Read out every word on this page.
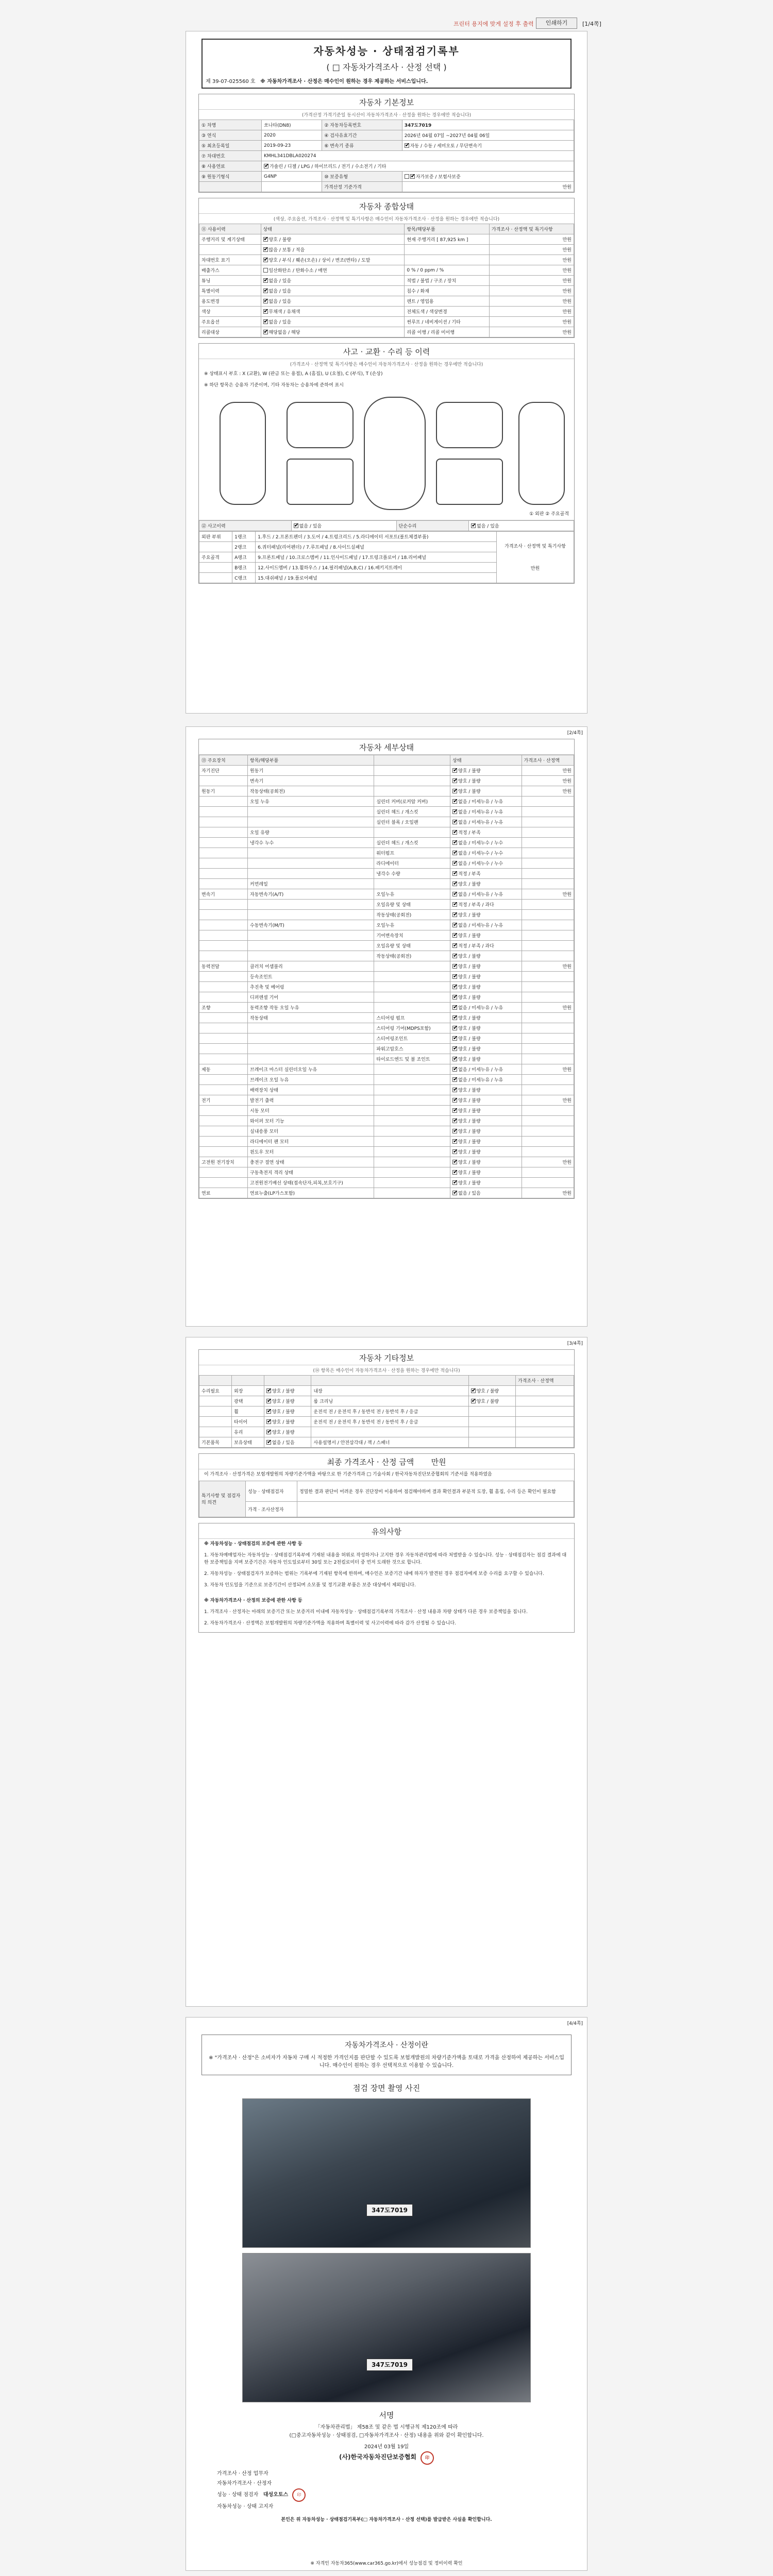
프린터 용지에 맞게 설정 후 출력	인쇄하기	[1/4쪽]
자동차성능 · 상태점검기록부
( □ 자동차가격조사 · 산정 선택 )
제 39-07-025560 호 ※ 자동차가격조사 · 산정은 매수인이 원하는 경우 제공하는 서비스입니다.
자동차 기본정보
(가격산정 가격기준일 동시산이 자동차가격조사 · 산정을 원하는 경우에만 적습니다)
① 차명	쏘나타(DN8)	② 자동차등록번호	347도7019
③ 연식	2020	④ 검사유효기간	2026년 04월 07일 ~2027년 04월 06일
⑤ 최초등록일	2019-09-23	⑥ 변속기 종류	✔자동 / 수동 / 세미오토 / 무단변속기
⑦ 차대번호	KMHL341DBLA020274		
⑧ 사용연료	✔가솔린 / 디젤 / LPG / 하이브리드 / 전기 / 수소전기 / 기타
⑨ 원동기형식	G4NP	⑩ 보증유형	✔자가보증 / 보험사보증
		가격산정 기준가격	만원
자동차 종합상태
(색상, 주요옵션, 가격조사 · 산정액 및 특기사항은 매수인이 자동차가격조사 · 산정을 원하는 경우에만 적습니다)
⑪ 사용이력	상태	항목/해당부품	가격조사 · 산정액 및 특기사항
주행거리 및 계기상태	✔양호 / 불량	현재 주행거리 [ 87,925 km ]	만원
	✔많음 / 보통 / 적음		만원
차대번호 표기	✔양호 / 부식 / 훼손(오손) / 상이 / 변조(변타) / 도말		만원
배출가스	일산화탄소 / 탄화수소 / 매연	0 % / 0 ppm / %	만원
튜닝	✔없음 / 있음	적법 / 불법 / 구조 / 장치	만원
특별이력	✔없음 / 있음	침수 / 화재	만원
용도변경	✔없음 / 있음	렌트 / 영업용	만원
색상	✔무채색 / 유채색	전체도색 / 색상변경	만원
주요옵션	✔없음 / 있음	썬루프 / 네비게이션 / 기타	만원
리콜대상	✔해당없음 / 해당	리콜 이행 / 리콜 미이행	만원
사고 · 교환 · 수리 등 이력
(가격조사 · 산정액 및 특기사항은 매수인이 자동차가격조사 · 산정을 원하는 경우에만 적습니다)
※ 상태표시 부호 : X (교환), W (판금 또는 용접), A (흠집), U (요철), C (부식), T (손상)
※ 하단 항목은 승용차 기준이며, 기타 자동차는 승용차에 준하여 표시
① 외판 ② 주요골격
⑫ 사고이력	✔없음 / 있음	단순수리	✔없음 / 있음
외판 부위	1랭크	1.후드 / 2.프론트펜더 / 3.도어 / 4.트렁크리드 / 5.라디에이터 서포트(볼트체결부품)	가격조사 · 산정액 및 특기사항
만원

	2랭크	6.쿼터패널(리어펜더) / 7.루프패널 / 8.사이드실패널	
주요골격	A랭크	9.프론트패널 / 10.크로스멤버 / 11.인사이드패널 / 17.트렁크플로어 / 18.리어패널	
	B랭크	12.사이드멤버 / 13.휠하우스 / 14.필러패널(A,B,C) / 16.패키지트레이	
	C랭크	15.대쉬패널 / 19.플로어패널	
[2/4쪽]
자동차 세부상태
⑬ 주요장치	항목/해당부품		상태	가격조사 · 산정액
자기진단	원동기		✔양호 / 불량	만원
	변속기		✔양호 / 불량	만원
원동기	작동상태(공회전)		✔양호 / 불량	만원
	오일 누유	실린더 커버(로커암 커버)	✔없음 / 미세누유 / 누유	
		실린더 헤드 / 개스킷	✔없음 / 미세누유 / 누유	
		실린더 블록 / 오일팬	✔없음 / 미세누유 / 누유	
	오일 유량		✔적정 / 부족	
	냉각수 누수	실린더 헤드 / 개스킷	✔없음 / 미세누수 / 누수	
		워터펌프	✔없음 / 미세누수 / 누수	
		라디에이터	✔없음 / 미세누수 / 누수	
		냉각수 수량	✔적정 / 부족	
	커먼레일		✔양호 / 불량	
변속기	자동변속기(A/T)	오일누유	✔없음 / 미세누유 / 누유	만원
		오일유량 및 상태	✔적정 / 부족 / 과다	
		작동상태(공회전)	✔양호 / 불량	
	수동변속기(M/T)	오일누유	✔없음 / 미세누유 / 누유	
		기어변속장치	✔양호 / 불량	
		오일유량 및 상태	✔적정 / 부족 / 과다	
		작동상태(공회전)	✔양호 / 불량	
동력전달	클러치 어셈블리		✔양호 / 불량	만원
	등속조인트		✔양호 / 불량	
	추진축 및 베어링		✔양호 / 불량	
	디퍼렌셜 기어		✔양호 / 불량	
조향	동력조향 작동 오일 누유		✔없음 / 미세누유 / 누유	만원
	작동상태	스티어링 펌프	✔양호 / 불량	
		스티어링 기어(MDPS포함)	✔양호 / 불량	
		스티어링조인트	✔양호 / 불량	
		파워고압호스	✔양호 / 불량	
		타이로드엔드 및 볼 조인트	✔양호 / 불량	
제동	브레이크 마스터 실린더오일 누유		✔없음 / 미세누유 / 누유	만원
	브레이크 오일 누유		✔없음 / 미세누유 / 누유	
	배력장치 상태		✔양호 / 불량	
전기	발전기 출력		✔양호 / 불량	만원
	시동 모터		✔양호 / 불량	
	와이퍼 모터 기능		✔양호 / 불량	
	실내송풍 모터		✔양호 / 불량	
	라디에이터 팬 모터		✔양호 / 불량	
	윈도우 모터		✔양호 / 불량	
고전원 전기장치	충전구 절연 상태		✔양호 / 불량	만원
	구동축전지 격리 상태		✔양호 / 불량	
	고전원전기배선 상태(접속단자,피복,보호기구)		✔양호 / 불량	
연료	연료누출(LP가스포함)		✔없음 / 있음	만원
[3/4쪽]
자동차 기타정보
(⑭ 항목은 매수인이 자동차가격조사 · 산정을 원하는 경우에만 적습니다)
					가격조사 · 산정액
수리필요	외장	✔양호 / 불량	내장	✔양호 / 불량	
	광택	✔양호 / 불량	룸 크리닝	✔양호 / 불량	
	휠	✔양호 / 불량	운전석 전 / 운전석 후 / 동반석 전 / 동반석 후 / 응급		
	타이어	✔양호 / 불량	운전석 전 / 운전석 후 / 동반석 전 / 동반석 후 / 응급		
	유리	✔양호 / 불량			
기본품목	보유상태	✔없음 / 있음	사용설명서 / 안전삼각대 / 잭 / 스패너		
최종 가격조사 · 산정 금액 만원
이 가격조사 · 산정가격은 보험개발원의 차량기준가액을 바탕으로 한 기준가격과 □ 기술사회 / 한국자동차진단보증협회의 기준서를 적용하였음
특기사항 및 점검자의 의견	성능 · 상태점검자	정밀한 결과 판단이 어려운 경우 진단장비 이용하여 점검해야하며 결과 확인결과 부분적 도장, 휠 흠집, 수리 등은 확인이 필요함
	가격 · 조사산정자	
유의사항
※ 자동차성능 · 상태점검의 보증에 관한 사항 등
1. 자동차매매업자는 자동차성능 · 상태점검기록부에 기재된 내용을 허위로 작성하거나 고지한 경우 자동차관리법에 따라 처벌받을 수 있습니다. 성능 · 상태점검자는 점검 결과에 대한 보증책임을 지며 보증기간은 자동차 인도일로부터 30일 또는 2천킬로미터 중 먼저 도래한 것으로 합니다.
2. 자동차성능 · 상태점검자가 보증하는 범위는 기록부에 기재된 항목에 한하며, 매수인은 보증기간 내에 하자가 발견된 경우 점검자에게 보증 수리를 요구할 수 있습니다.
3. 자동차 인도일을 기준으로 보증기간이 산정되며 소모품 및 정기교환 부품은 보증 대상에서 제외됩니다.
※ 자동차가격조사 · 산정의 보증에 관한 사항 등
1. 가격조사 · 산정자는 아래의 보증기간 또는 보증거리 이내에 자동차성능 · 상태점검기록부의 가격조사 · 산정 내용과 차량 상태가 다른 경우 보증책임을 집니다.
2. 자동차가격조사 · 산정액은 보험개발원의 차량기준가액을 적용하며 특별이력 및 사고이력에 따라 감가 산정될 수 있습니다.
[4/4쪽]
자동차가격조사 · 산정이란
※ "가격조사 · 산정"은 소비자가 자동차 구매 시 적정한 가격인지를 판단할 수 있도록 보험개발원의 차량기준가액을 토대로 가격을 산정하여 제공하는 서비스입니다. 매수인이 원하는 경우 선택적으로 이용할 수 있습니다.
점검 장면 촬영 사진
347도7019
347도7019
서명
「자동차관리법」 제58조 및 같은 법 시행규칙 제120조에 따라
(□중고자동차성능 · 상태점검, □자동차가격조사 · 산정) 내용을 위와 같이 확인합니다.
2024년 03월 19일
(사)한국자동차진단보증협회 印
가격조사 · 산정 업무자
자동차가격조사 · 산정자
성능 · 상태 점검자 대성오토스 印
자동차성능 · 상태 고지자
본인은 위 자동차성능 · 상태점검기록부(□ 자동차가격조사 · 산정 선택)를 발급받은 사실을 확인합니다.
※ 자격인 자동차365(www.car365.go.kr)에서 성능점검 및 정비이력 확인
